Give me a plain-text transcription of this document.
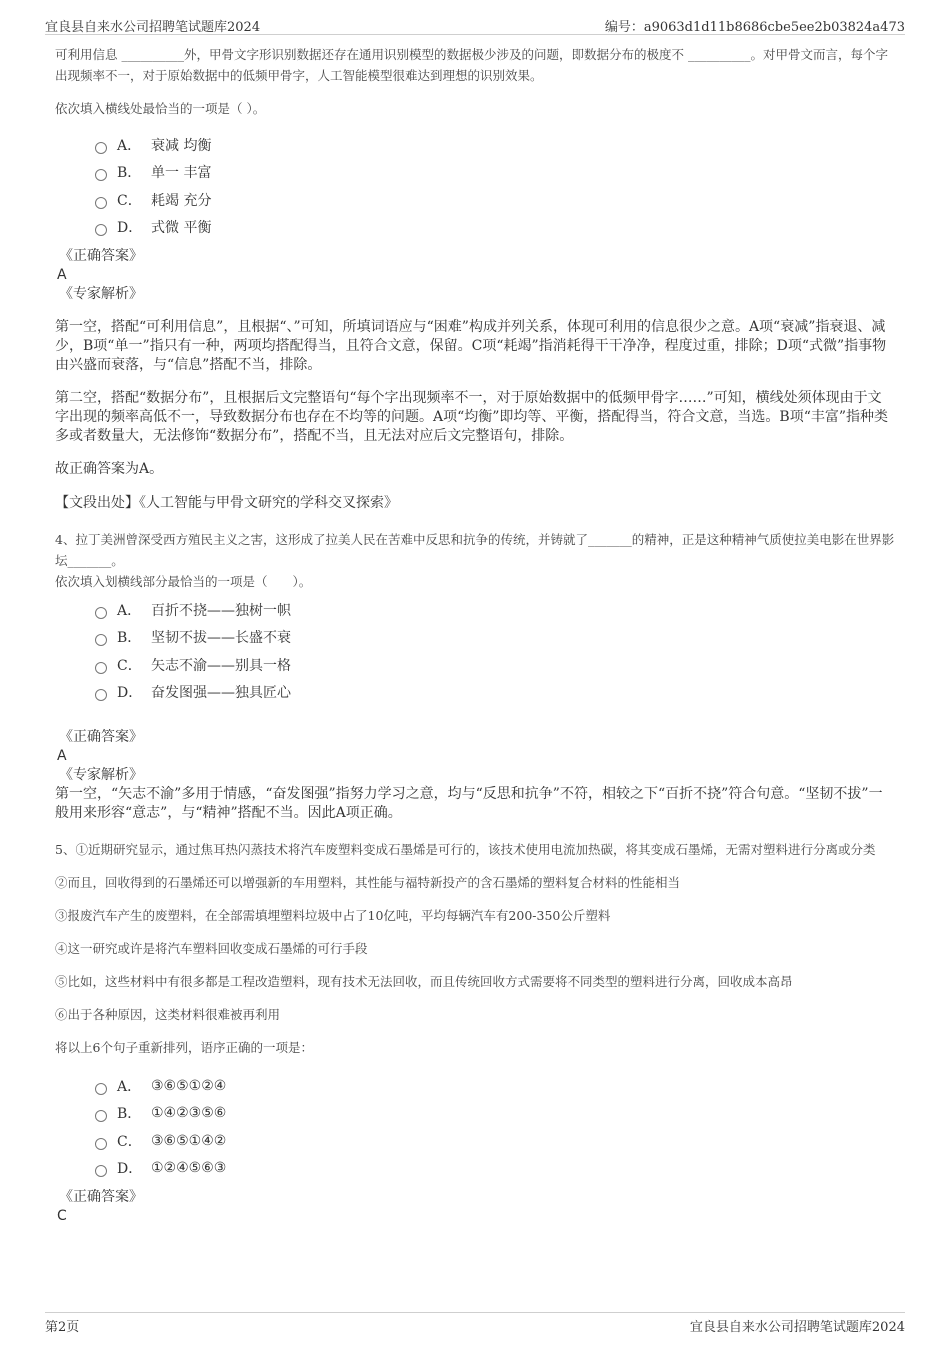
宜良县自来水公司招聘笔试题库2024	编号：a9063d1d11b8686cbe5ee2b03824a473

可利用信息 __________外，甲骨文字形识别数据还存在通用识别模型的数据极少涉及的问题，即数据分布的极度不 __________。对甲骨文而言，每个字出现频率不一，对于原始数据中的低频甲骨字，人工智能模型很难达到理想的识别效果。

依次填入横线处最恰当的一项是（ ）。

A． 衰减 均衡
B． 单一 丰富
C． 耗竭 充分
D． 式微 平衡
《正确答案》
A
《专家解析》

第一空，搭配“可利用信息”，且根据“、”可知，所填词语应与“困难”构成并列关系，体现可利用的信息很少之意。A项“衰减”指衰退、减少，B项“单一”指只有一种，两项均搭配得当，且符合文意，保留。C项“耗竭”指消耗得干干净净，程度过重，排除；D项“式微”指事物由兴盛而衰落，与“信息”搭配不当，排除。

第二空，搭配“数据分布”，且根据后文完整语句“每个字出现频率不一，对于原始数据中的低频甲骨字……”可知，横线处须体现由于文字出现的频率高低不一，导致数据分布也存在不均等的问题。A项“均衡”即均等、平衡，搭配得当，符合文意，当选。B项“丰富”指种类多或者数量大，无法修饰“数据分布”，搭配不当，且无法对应后文完整语句，排除。

故正确答案为A。

【文段出处】《人工智能与甲骨文研究的学科交叉探索》

4、拉丁美洲曾深受西方殖民主义之害，这形成了拉美人民在苦难中反思和抗争的传统，并铸就了_______的精神，正是这种精神气质使拉美电影在世界影坛_______。

依次填入划横线部分最恰当的一项是（　　）。

A． 百折不挠——独树一帜
B． 坚韧不拔——长盛不衰
C． 矢志不渝——别具一格
D． 奋发图强——独具匠心
《正确答案》
A
《专家解析》

第一空，“矢志不渝”多用于情感，“奋发图强”指努力学习之意，均与“反思和抗争”不符，相较之下“百折不挠”符合句意。“坚韧不拔”一般用来形容“意志”，与“精神”搭配不当。因此A项正确。

5、①近期研究显示，通过焦耳热闪蒸技术将汽车废塑料变成石墨烯是可行的，该技术使用电流加热碳，将其变成石墨烯，无需对塑料进行分离或分类

②而且，回收得到的石墨烯还可以增强新的车用塑料，其性能与福特新投产的含石墨烯的塑料复合材料的性能相当

③报废汽车产生的废塑料，在全部需填埋塑料垃圾中占了10亿吨，平均每辆汽车有200-350公斤塑料

④这一研究或许是将汽车塑料回收变成石墨烯的可行手段

⑤比如，这些材料中有很多都是工程改造塑料，现有技术无法回收，而且传统回收方式需要将不同类型的塑料进行分离，回收成本高昂

⑥出于各种原因，这类材料很难被再利用

将以上6个句子重新排列，语序正确的一项是：

A． ③⑥⑤①②④
B． ①④②③⑤⑥
C． ③⑥⑤①④②
D． ①②④⑤⑥③
《正确答案》
C
第2页	宜良县自来水公司招聘笔试题库2024
